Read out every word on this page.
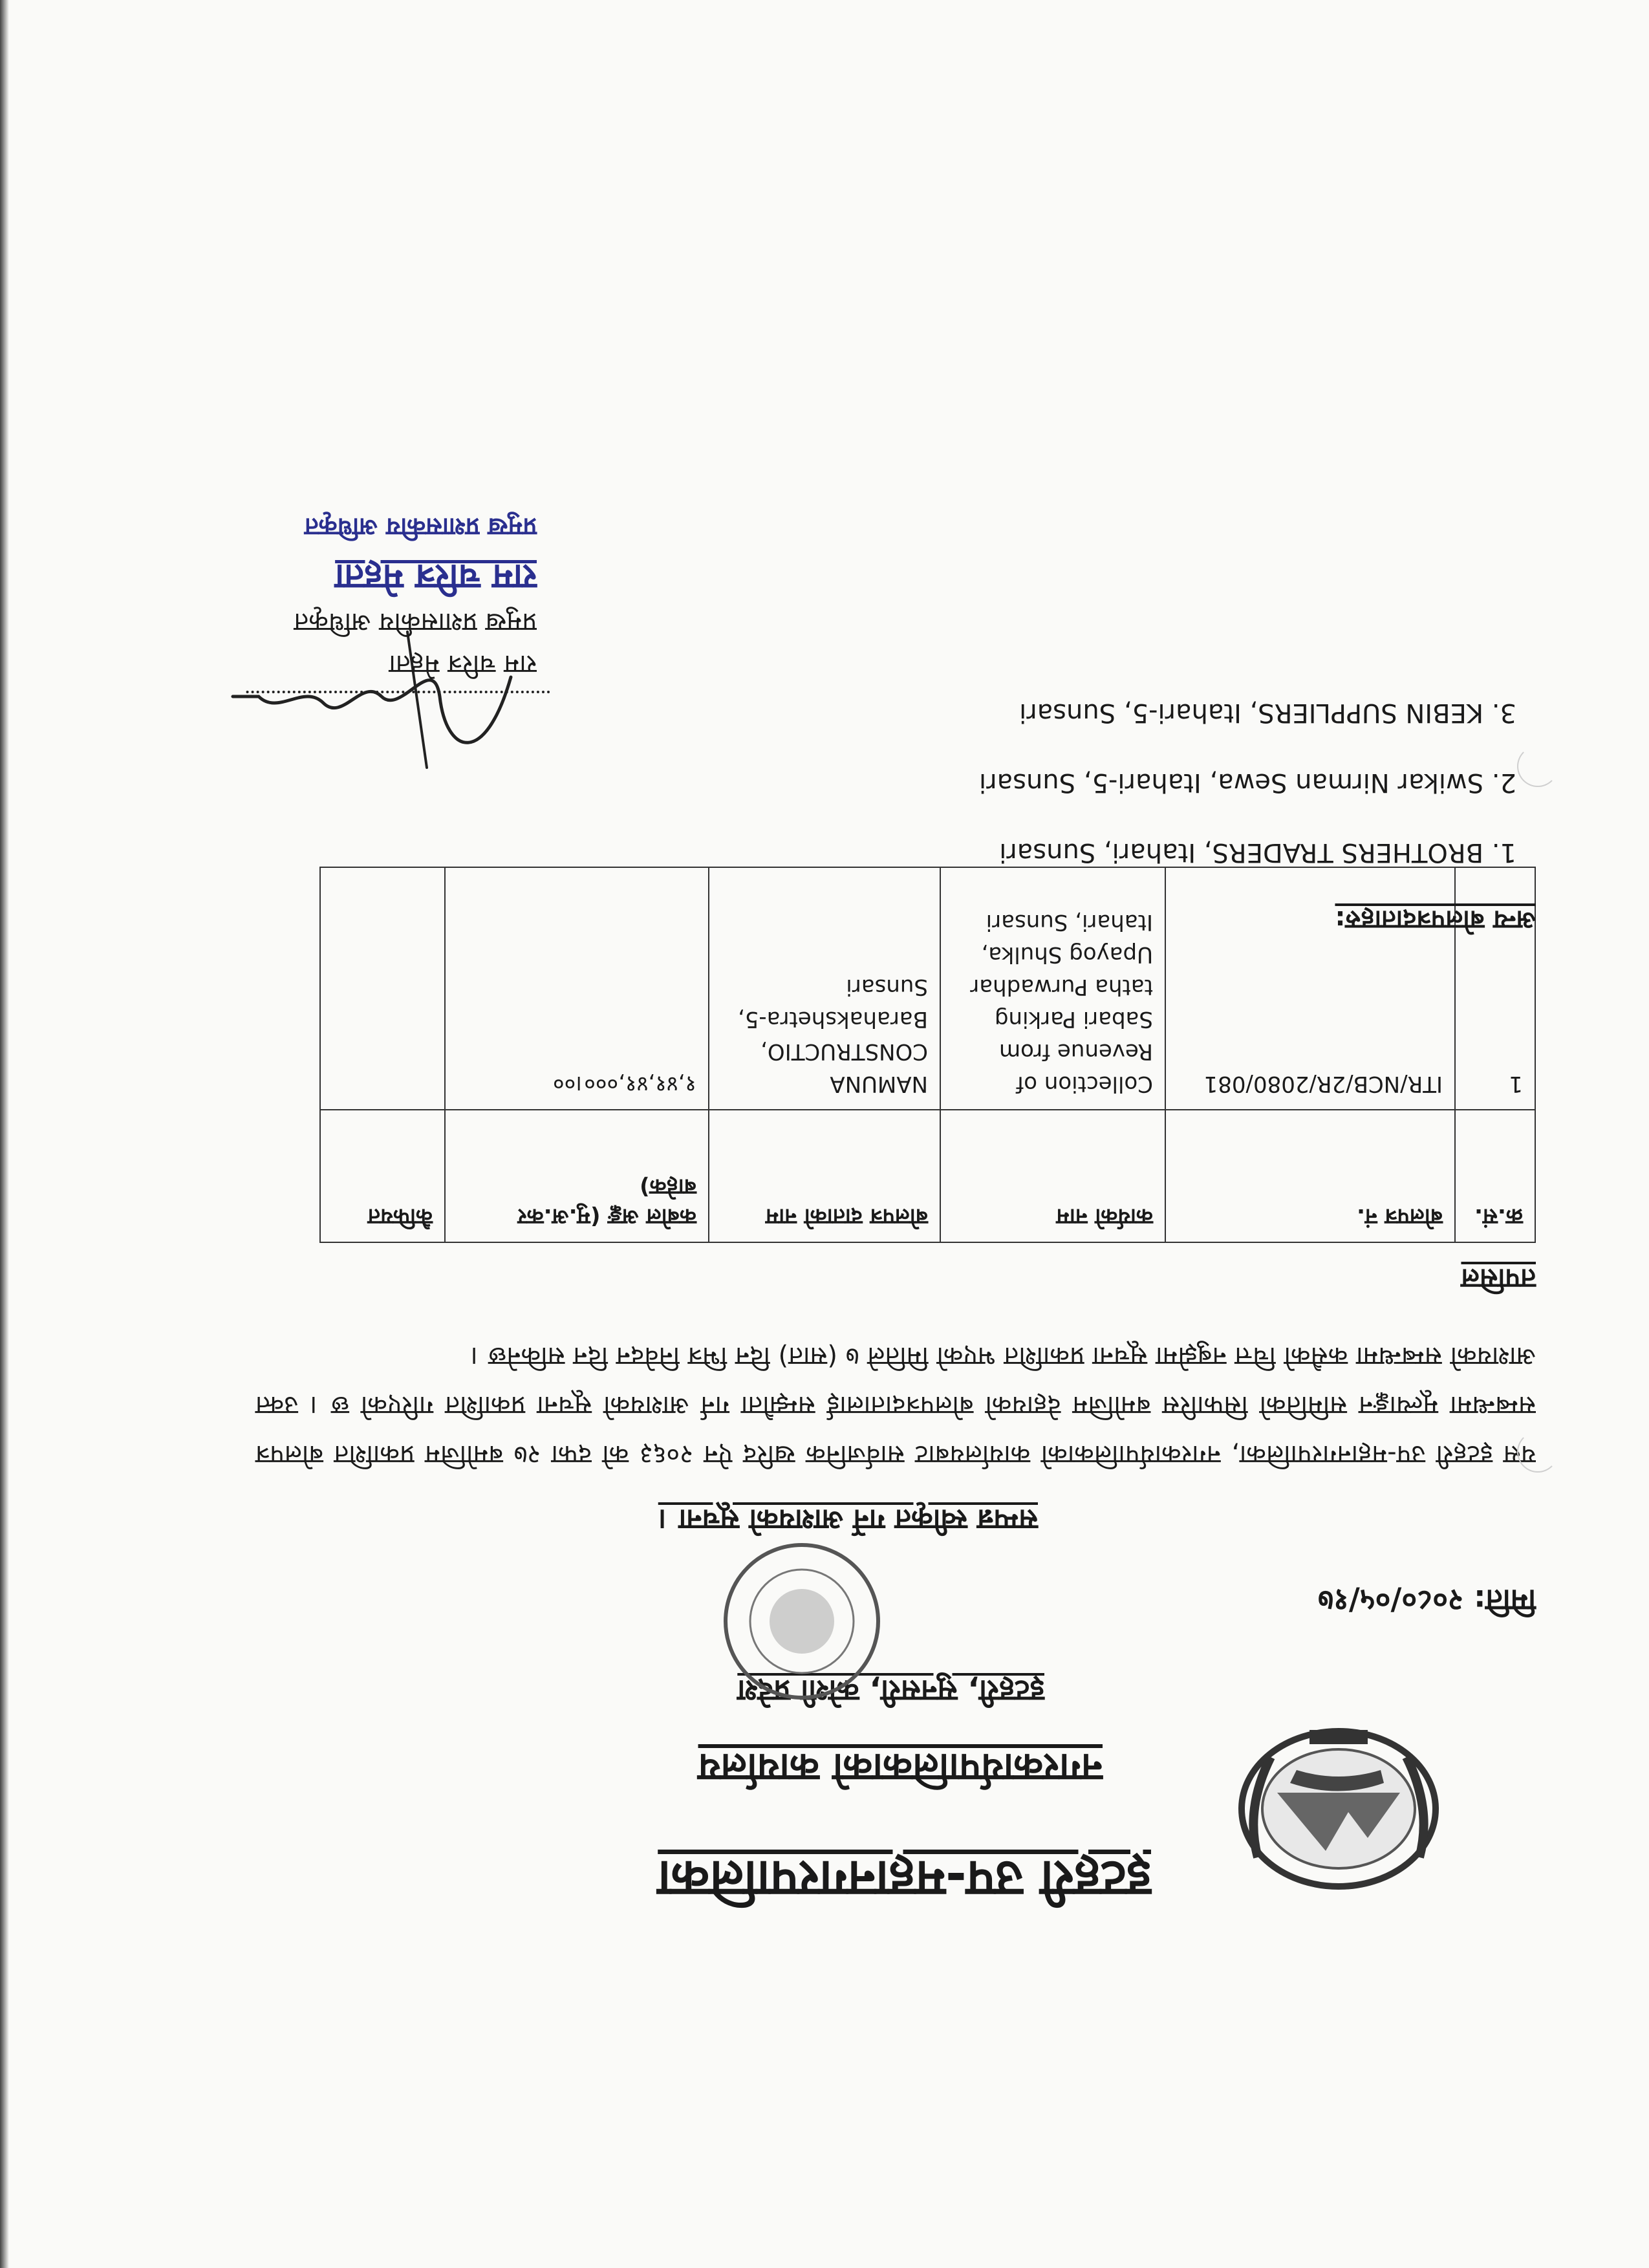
इटहरी उप-महानगरपालिका
नगरकार्यपालिकाको कार्यालय
इटहरी, सुनसरी, कोशी प्रदेश
मिति: २०८०/०५/१७
सम्पन्न स्वीकृत गर्ने आशयको सूचना ।
यस इटहरी उप-महानगरपालिका, नगरकार्यपालिकाको कार्यालयबाट सार्वजनिक खरिद ऐन २०६३ को दफा २७ बमोजिम प्रकाशित बोलपत्र सम्बन्धमा मूल्याङ्कन समितिको सिफारिस बमोजिम देहायको बोलपत्रदातालाई सम्झौता गर्न आशयको सूचना प्रकाशित गरिएको छ । उक्त आशयको सम्बन्धमा कसैको चित्त नबुझेमा सूचना प्रकाशित भएको मितिले ७ (सात) दिन भित्र निवेदन दिन सकिनेछ ।
तपसिल
क्र.सं.	बोलपत्र नं.	कार्यको नाम	बोलपत्र दाताको नाम	कबोल अङ्क (मु.अ.कर बाहेक)	कैफियत
1	ITR/NCB/2R/2080/081	Collection of Revenue from Sabari Parking tatha Purwadhar Upayog Shulka, Itahari, Sunsari	NAMUNA CONSTRUCTIO, Barahakshetra-5, Sunsari	१,४१,४१,०००।००	
अन्य बोलपत्रदाताहरु:
1. BROTHERS TRADERS, Itahari, Sunsari
2. Swikar Nirman Sewa, Itahari-5, Sunsari
3. KEBIN SUPPLIERS, Itahari-5, Sunsari
राम चरित्र मेहता
प्रमुख प्रशासकीय अधिकृत
राम चरित्र मेहता
प्रमुख प्रशासकीय अधिकृत
